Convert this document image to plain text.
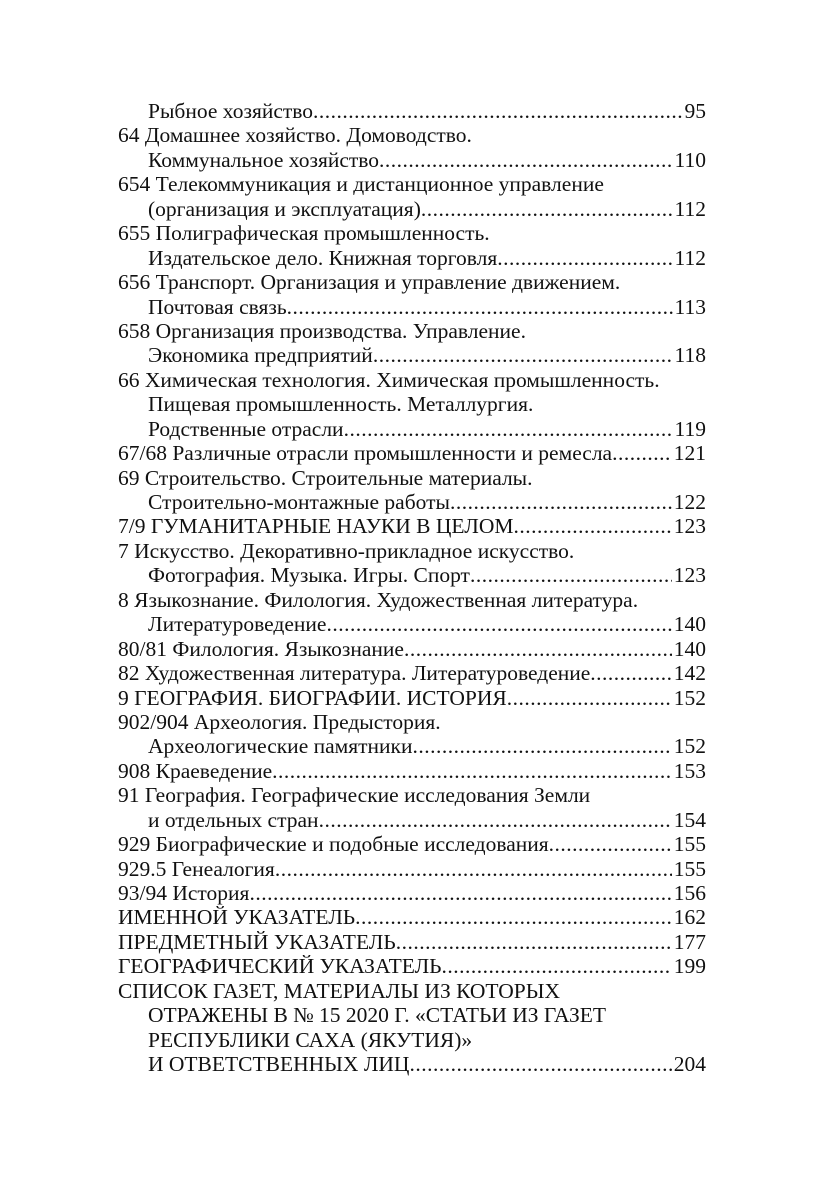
Рыбное хозяйство .....	95
64 Домашнее хозяйство. Домоводство.
Коммунальное хозяйство .....	110
654 Телекоммуникация и дистанционное управление
(организация и эксплуатация) .....	112
655 Полиграфическая промышленность.
Издательское дело. Книжная торговля .....	112
656 Транспорт. Организация и управление движением.
Почтовая связь .....	113
658 Организация производства. Управление.
Экономика предприятий .....	118
66 Химическая технология. Химическая промышленность.
Пищевая промышленность. Металлургия.
Родственные отрасли .....	119
67/68 Различные отрасли промышленности и ремесла .....	121
69 Строительство. Строительные материалы.
Строительно-монтажные работы .....	122
7/9 ГУМАНИТАРНЫЕ НАУКИ В ЦЕЛОМ .....	123
7 Искусство. Декоративно-прикладное искусство.
Фотография. Музыка. Игры. Спорт .....	123
8 Языкознание. Филология. Художественная литература.
Литературоведение .....	140
80/81 Филология. Языкознание .....	140
82 Художественная литература. Литературоведение .....	142
9 ГЕОГРАФИЯ. БИОГРАФИИ. ИСТОРИЯ .....	152
902/904 Археология. Предыстория.
Археологические памятники .....	152
908 Краеведение .....	153
91 География. Географические исследования Земли
и отдельных стран .....	154
929 Биографические и подобные исследования .....	155
929.5 Генеалогия .....	155
93/94 История .....	156
ИМЕННОЙ УКАЗАТЕЛЬ .....	162
ПРЕДМЕТНЫЙ УКАЗАТЕЛЬ .....	177
ГЕОГРАФИЧЕСКИЙ УКАЗАТЕЛЬ .....	199
СПИСОК ГАЗЕТ, МАТЕРИАЛЫ ИЗ КОТОРЫХ
ОТРАЖЕНЫ В № 15 2020 Г. «СТАТЬИ ИЗ ГАЗЕТ
РЕСПУБЛИКИ САХА (ЯКУТИЯ)»
И ОТВЕТСТВЕННЫХ ЛИЦ .....	204
